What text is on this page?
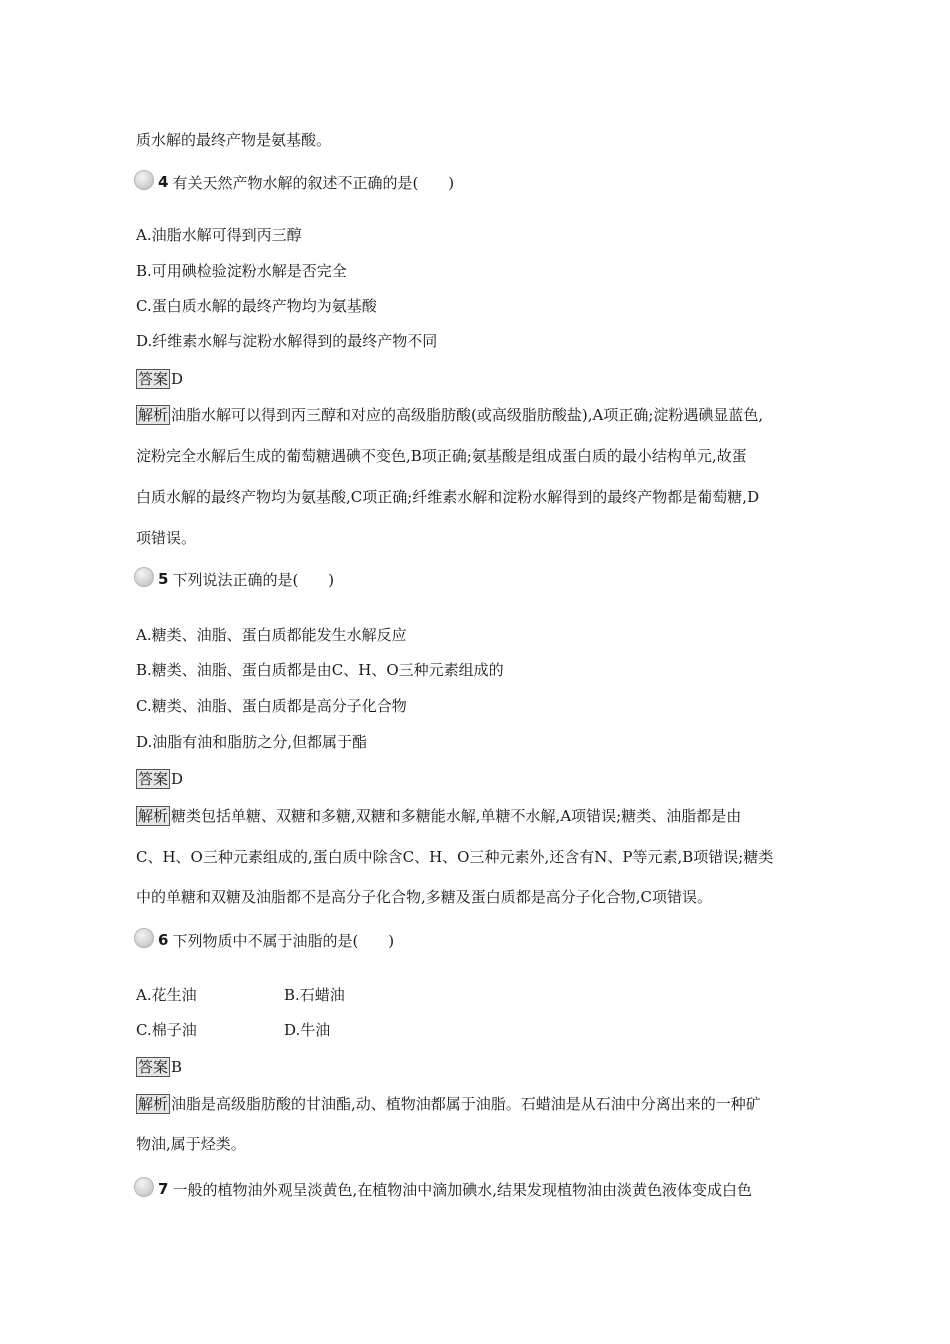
质水解的最终产物是氨基酸。
4 有关天然产物水解的叙述不正确的是(　　)
A.油脂水解可得到丙三醇
B.可用碘检验淀粉水解是否完全
C.蛋白质水解的最终产物均为氨基酸
D.纤维素水解与淀粉水解得到的最终产物不同
答案 D
解析 油脂水解可以得到丙三醇和对应的高级脂肪酸(或高级脂肪酸盐),A项正确;淀粉遇碘显蓝色,
淀粉完全水解后生成的葡萄糖遇碘不变色,B项正确;氨基酸是组成蛋白质的最小结构单元,故蛋
白质水解的最终产物均为氨基酸,C项正确;纤维素水解和淀粉水解得到的最终产物都是葡萄糖,D
项错误。
5 下列说法正确的是(　　)
A.糖类、油脂、蛋白质都能发生水解反应
B.糖类、油脂、蛋白质都是由C、H、O三种元素组成的
C.糖类、油脂、蛋白质都是高分子化合物
D.油脂有油和脂肪之分,但都属于酯
答案 D
解析 糖类包括单糖、双糖和多糖,双糖和多糖能水解,单糖不水解,A项错误;糖类、油脂都是由
C、H、O三种元素组成的,蛋白质中除含C、H、O三种元素外,还含有N、P等元素,B项错误;糖类
中的单糖和双糖及油脂都不是高分子化合物,多糖及蛋白质都是高分子化合物,C项错误。
6 下列物质中不属于油脂的是(　　)
A.花生油	B.石蜡油
C.棉子油	D.牛油
答案 B
解析 油脂是高级脂肪酸的甘油酯,动、植物油都属于油脂。石蜡油是从石油中分离出来的一种矿
物油,属于烃类。
7 一般的植物油外观呈淡黄色,在植物油中滴加碘水,结果发现植物油由淡黄色液体变成白色
